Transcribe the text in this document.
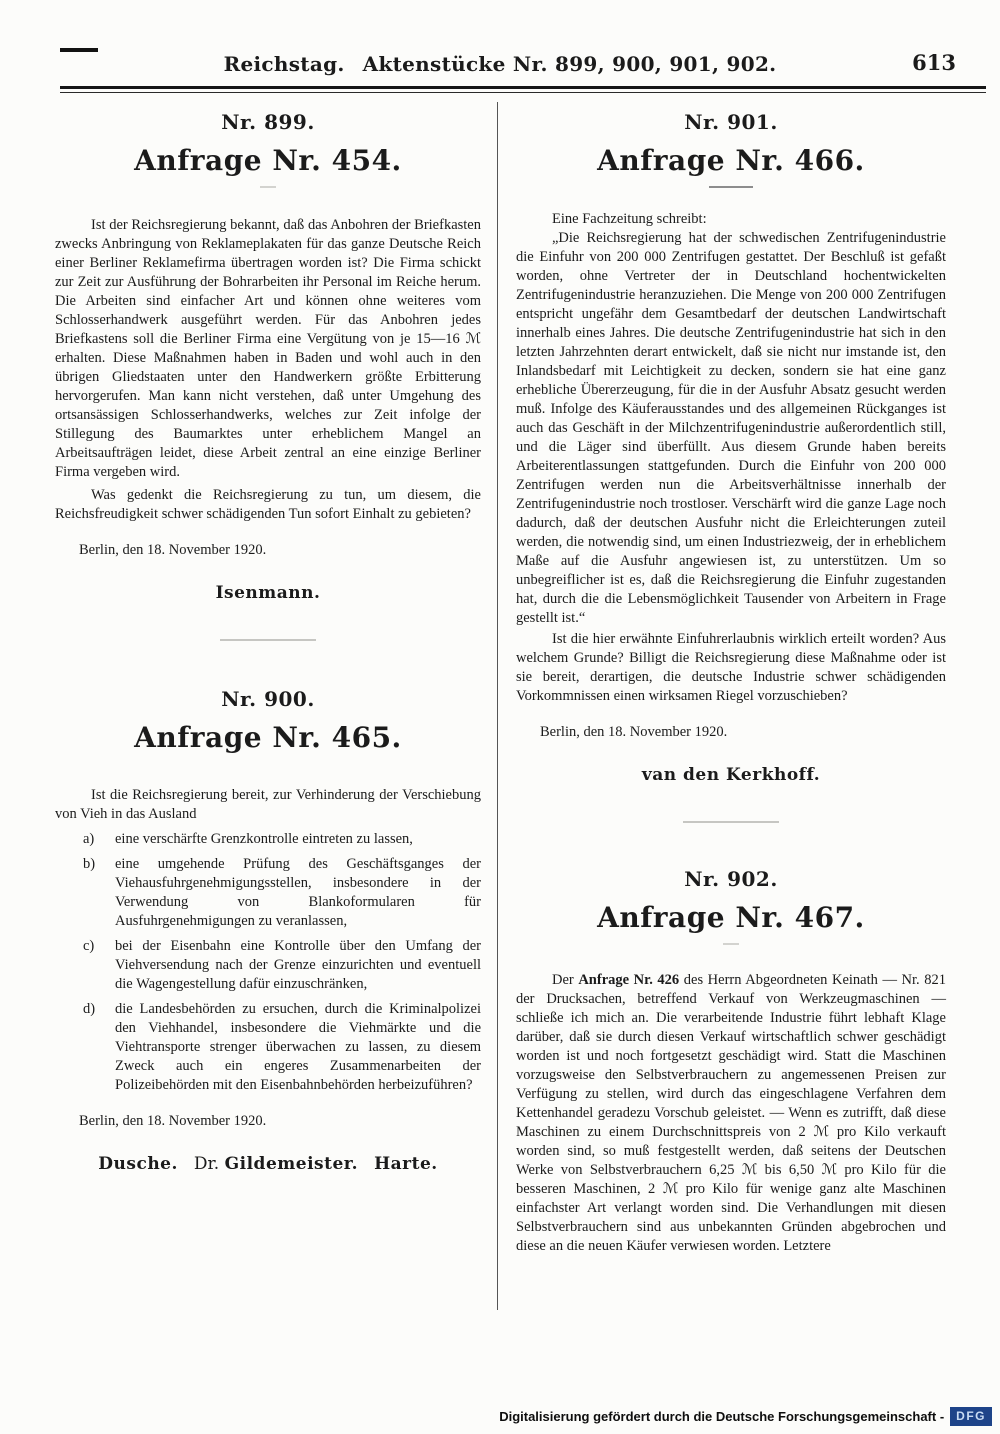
Reichstag. Aktenstücke Nr. 899, 900, 901, 902.	613
Nr. 899.
Anfrage Nr. 454.

Ist der Reichsregierung bekannt, daß das Anbohren der Briefkasten zwecks Anbringung von Reklameplakaten für das ganze Deutsche Reich einer Berliner Reklamefirma übertragen worden ist? Die Firma schickt zur Zeit zur Ausführung der Bohrarbeiten ihr Personal im Reiche herum. Die Arbeiten sind einfacher Art und können ohne weiteres vom Schlosserhandwerk ausgeführt werden. Für das Anbohren jedes Briefkastens soll die Berliner Firma eine Vergütung von je 15—16 ℳ erhalten. Diese Maßnahmen haben in Baden und wohl auch in den übrigen Gliedstaaten unter den Handwerkern größte Erbitterung hervorgerufen. Man kann nicht verstehen, daß unter Umgehung des ortsansässigen Schlosserhandwerks, welches zur Zeit infolge der Stillegung des Baumarktes unter erheblichem Mangel an Arbeitsaufträgen leidet, diese Arbeit zentral an eine einzige Berliner Firma vergeben wird.

Was gedenkt die Reichsregierung zu tun, um diesem, die Reichsfreudigkeit schwer schädigenden Tun sofort Einhalt zu gebieten?

Berlin, den 18. November 1920.
Isenmann.
Nr. 900.
Anfrage Nr. 465.

Ist die Reichsregierung bereit, zur Verhinderung der Verschiebung von Vieh in das Ausland

a)	eine verschärfte Grenzkontrolle eintreten zu lassen,
b)	eine umgehende Prüfung des Geschäftsganges der Viehausfuhrgenehmigungsstellen, insbesondere in der Verwendung von Blankoformularen für Ausfuhrgenehmigungen zu veranlassen,
c)	bei der Eisenbahn eine Kontrolle über den Umfang der Viehversendung nach der Grenze einzurichten und eventuell die Wagengestellung dafür einzuschränken,
d)	die Landesbehörden zu ersuchen, durch die Kriminalpolizei den Viehhandel, insbesondere die Viehmärkte und die Viehtransporte strenger überwachen zu lassen, zu diesem Zweck auch ein engeres Zusammenarbeiten der Polizeibehörden mit den Eisenbahnbehörden herbeizuführen?
Berlin, den 18. November 1920.
Dusche. Dr. Gildemeister. Harte.
Nr. 901.
Anfrage Nr. 466.

Eine Fachzeitung schreibt:

„Die Reichsregierung hat der schwedischen Zentrifugenindustrie die Einfuhr von 200 000 Zentrifugen gestattet. Der Beschluß ist gefaßt worden, ohne Vertreter der in Deutschland hochentwickelten Zentrifugenindustrie heranzuziehen. Die Menge von 200 000 Zentrifugen entspricht ungefähr dem Gesamtbedarf der deutschen Landwirtschaft innerhalb eines Jahres. Die deutsche Zentrifugenindustrie hat sich in den letzten Jahrzehnten derart entwickelt, daß sie nicht nur imstande ist, den Inlandsbedarf mit Leichtigkeit zu decken, sondern sie hat eine ganz erhebliche Übererzeugung, für die in der Ausfuhr Absatz gesucht werden muß. Infolge des Käuferausstandes und des allgemeinen Rückganges ist auch das Geschäft in der Milchzentrifugenindustrie außerordentlich still, und die Läger sind überfüllt. Aus diesem Grunde haben bereits Arbeiterentlassungen stattgefunden. Durch die Einfuhr von 200 000 Zentrifugen werden nun die Arbeitsverhältnisse innerhalb der Zentrifugenindustrie noch trostloser. Verschärft wird die ganze Lage noch dadurch, daß der deutschen Ausfuhr nicht die Erleichterungen zuteil werden, die notwendig sind, um einen Industriezweig, der in erheblichem Maße auf die Ausfuhr angewiesen ist, zu unterstützen. Um so unbegreiflicher ist es, daß die Reichsregierung die Einfuhr zugestanden hat, durch die die Lebensmöglichkeit Tausender von Arbeitern in Frage gestellt ist.“

Ist die hier erwähnte Einfuhrerlaubnis wirklich erteilt worden? Aus welchem Grunde? Billigt die Reichsregierung diese Maßnahme oder ist sie bereit, derartigen, die deutsche Industrie schwer schädigenden Vorkommnissen einen wirksamen Riegel vorzuschieben?

Berlin, den 18. November 1920.
van den Kerkhoff.
Nr. 902.
Anfrage Nr. 467.

Der Anfrage Nr. 426 des Herrn Abgeordneten Keinath — Nr. 821 der Drucksachen, betreffend Verkauf von Werkzeugmaschinen — schließe ich mich an. Die verarbeitende Industrie führt lebhaft Klage darüber, daß sie durch diesen Verkauf wirtschaftlich schwer geschädigt worden ist und noch fortgesetzt geschädigt wird. Statt die Maschinen vorzugsweise den Selbstverbrauchern zu angemessenen Preisen zur Verfügung zu stellen, wird durch das eingeschlagene Verfahren dem Kettenhandel geradezu Vorschub geleistet. — Wenn es zutrifft, daß diese Maschinen zu einem Durchschnittspreis von 2 ℳ pro Kilo verkauft worden sind, so muß festgestellt werden, daß seitens der Deutschen Werke von Selbstverbrauchern 6,25 ℳ bis 6,50 ℳ pro Kilo für die besseren Maschinen, 2 ℳ pro Kilo für wenige ganz alte Maschinen einfachster Art verlangt worden sind. Die Verhandlungen mit diesen Selbstverbrauchern sind aus unbekannten Gründen abgebrochen und diese an die neuen Käufer verwiesen worden. Letztere

Digitalisierung gefördert durch die Deutsche Forschungsgemeinschaft -	DFG
